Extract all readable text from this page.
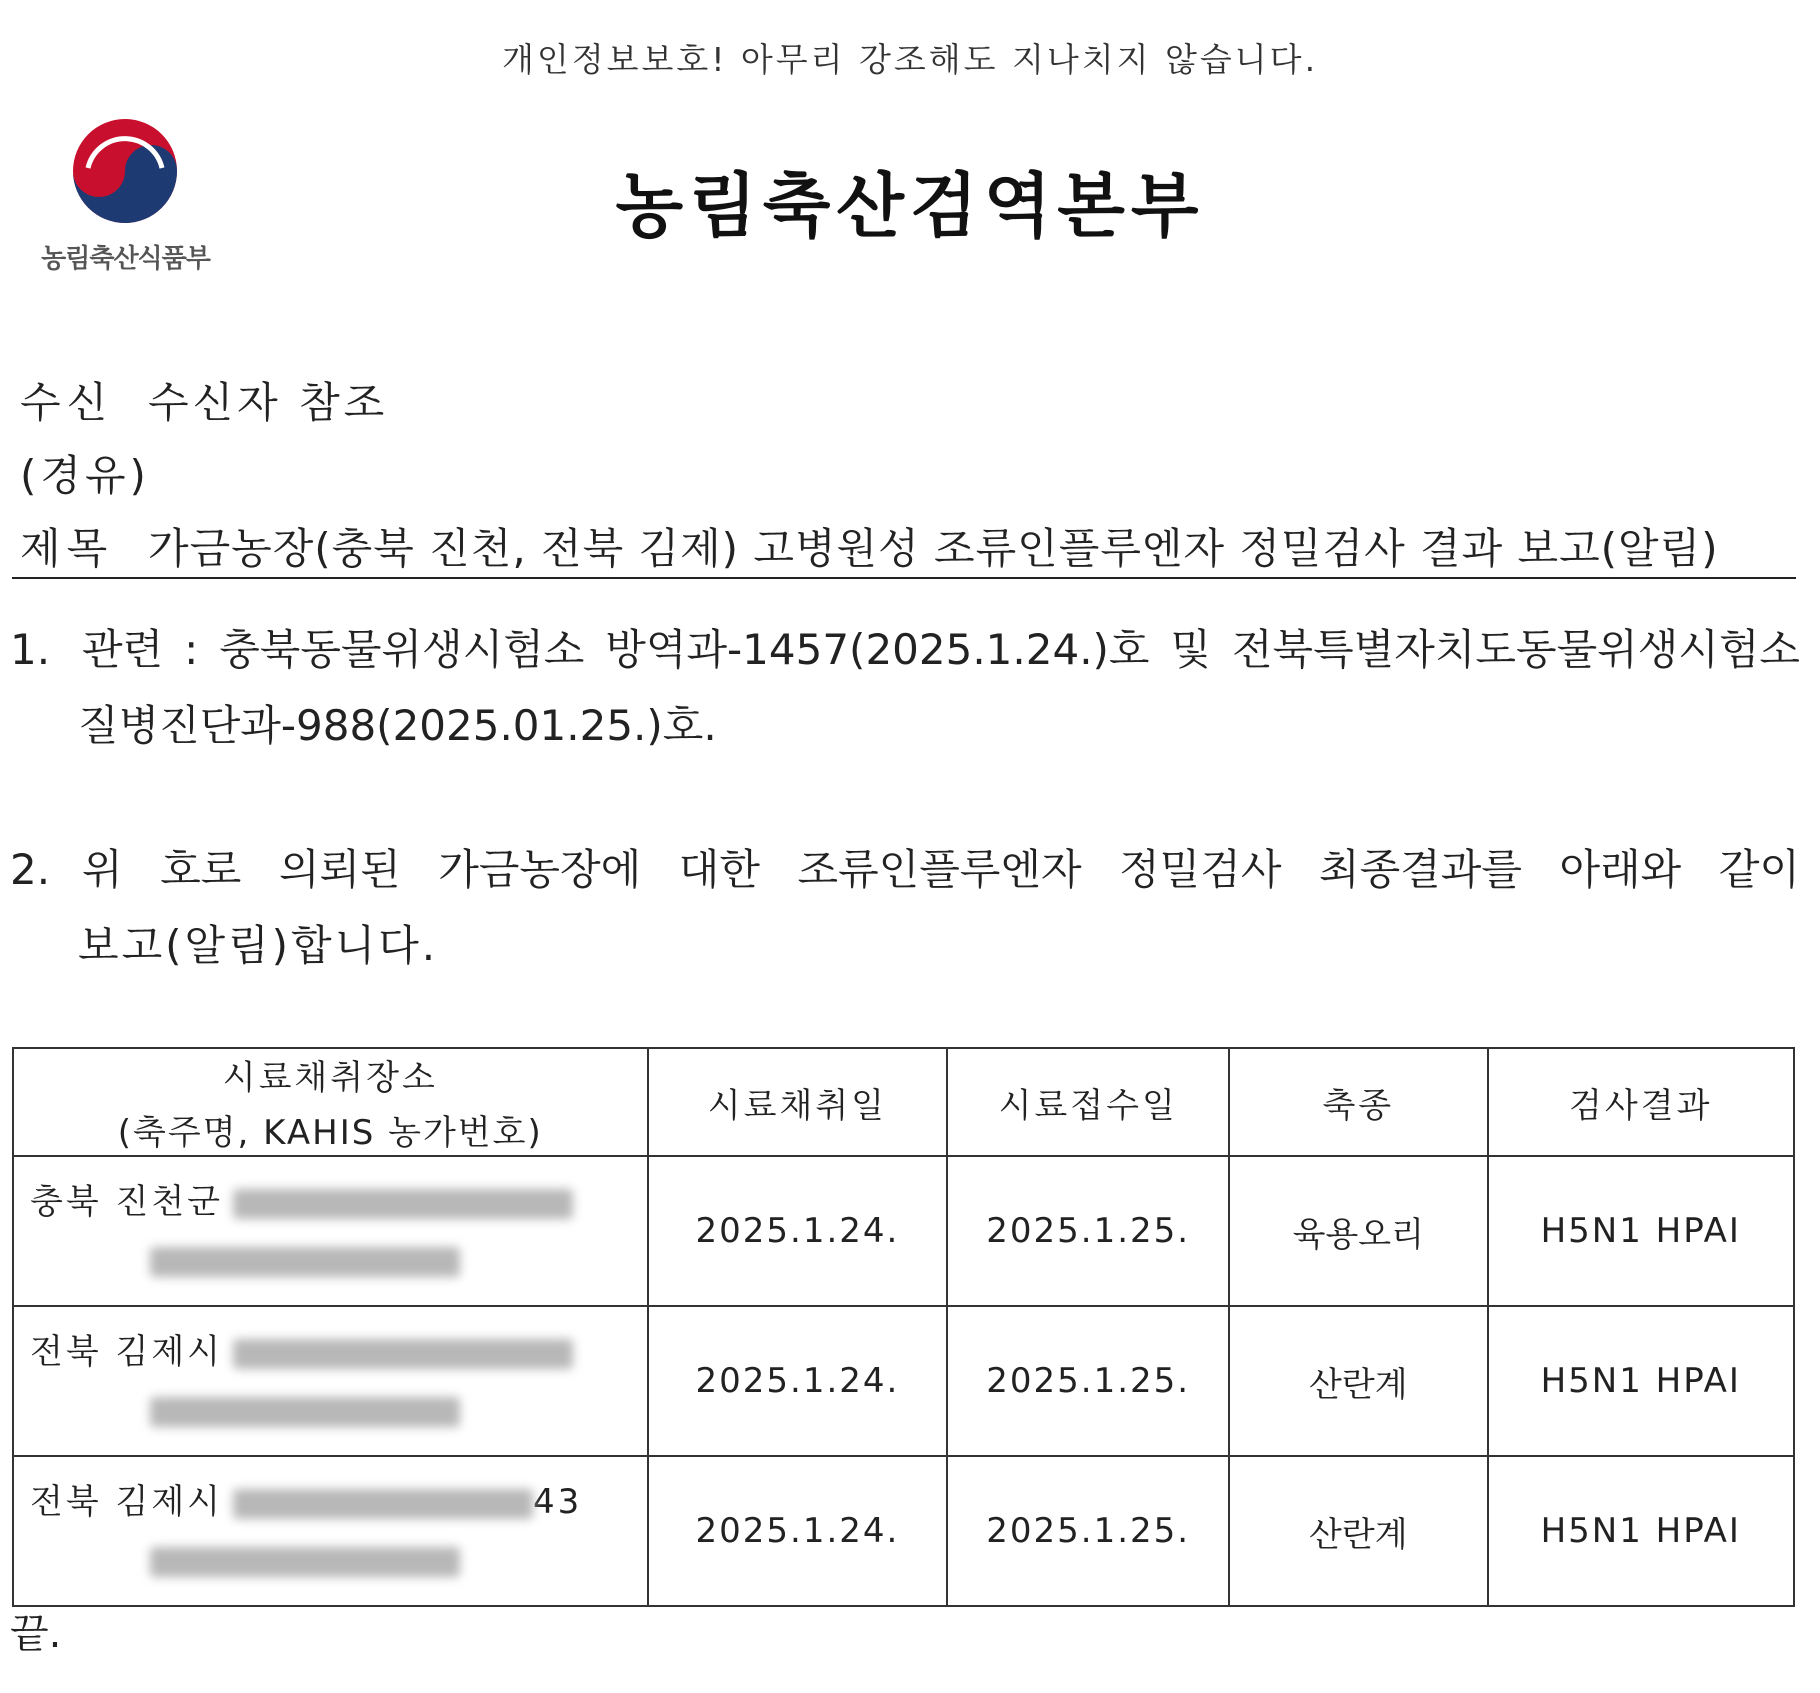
개인정보보호! 아무리 강조해도 지나치지 않습니다.
농림축산식품부
농림축산검역본부
수신 수신자 참조
(경유)
제목 가금농장(충북 진천, 전북 김제) 고병원성 조류인플루엔자 정밀검사 결과 보고(알림)
1. 관련 : 충북동물위생시험소 방역과-1457(2025.1.24.)호 및 전북특별자치도동물위생시험소
질병진단과-988(2025.01.25.)호.
2. 위 호로 의뢰된 가금농장에 대한 조류인플루엔자 정밀검사 최종결과를 아래와 같이
보고(알림)합니다.
시료채취장소
(축주명, KAHIS 농가번호)	시료채취일	시료접수일	축종	검사결과

충북 진천군	2025.1.24.	2025.1.25.	육용오리	H5N1 HPAI

전북 김제시	2025.1.24.	2025.1.25.	산란계	H5N1 HPAI

전북 김제시 43	2025.1.24.	2025.1.25.	산란계	H5N1 HPAI
끝.
